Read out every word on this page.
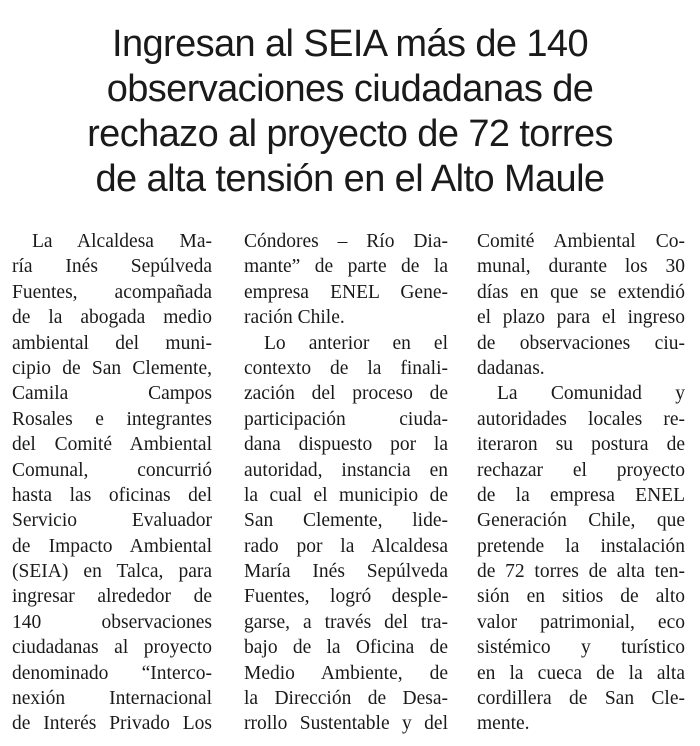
Ingresan al SEIA más de 140
observaciones ciudadanas de
rechazo al proyecto de 72 torres
de alta tensión en el Alto Maule
La Alcaldesa Ma-
ría Inés Sepúlveda
Fuentes, acompañada
de la abogada medio
ambiental del muni-
cipio de San Clemente,
Camila Campos
Rosales e integrantes
del Comité Ambiental
Comunal, concurrió
hasta las oficinas del
Servicio Evaluador
de Impacto Ambiental
(SEIA) en Talca, para
ingresar alrededor de
140 observaciones
ciudadanas al proyecto
denominado “Interco-
nexión Internacional
de Interés Privado Los
Cóndores – Río Dia-
mante” de parte de la
empresa ENEL Gene-
ración Chile.
Lo anterior en el
contexto de la finali-
zación del proceso de
participación ciuda-
dana dispuesto por la
autoridad, instancia en
la cual el municipio de
San Clemente, lide-
rado por la Alcaldesa
María Inés Sepúlveda
Fuentes, logró desple-
garse, a través del tra-
bajo de la Oficina de
Medio Ambiente, de
la Dirección de Desa-
rrollo Sustentable y del
Comité Ambiental Co-
munal, durante los 30
días en que se extendió
el plazo para el ingreso
de observaciones ciu-
dadanas.
La Comunidad y
autoridades locales re-
iteraron su postura de
rechazar el proyecto
de la empresa ENEL
Generación Chile, que
pretende la instalación
de 72 torres de alta ten-
sión en sitios de alto
valor patrimonial, eco
sistémico y turístico
en la cueca de la alta
cordillera de San Cle-
mente.
